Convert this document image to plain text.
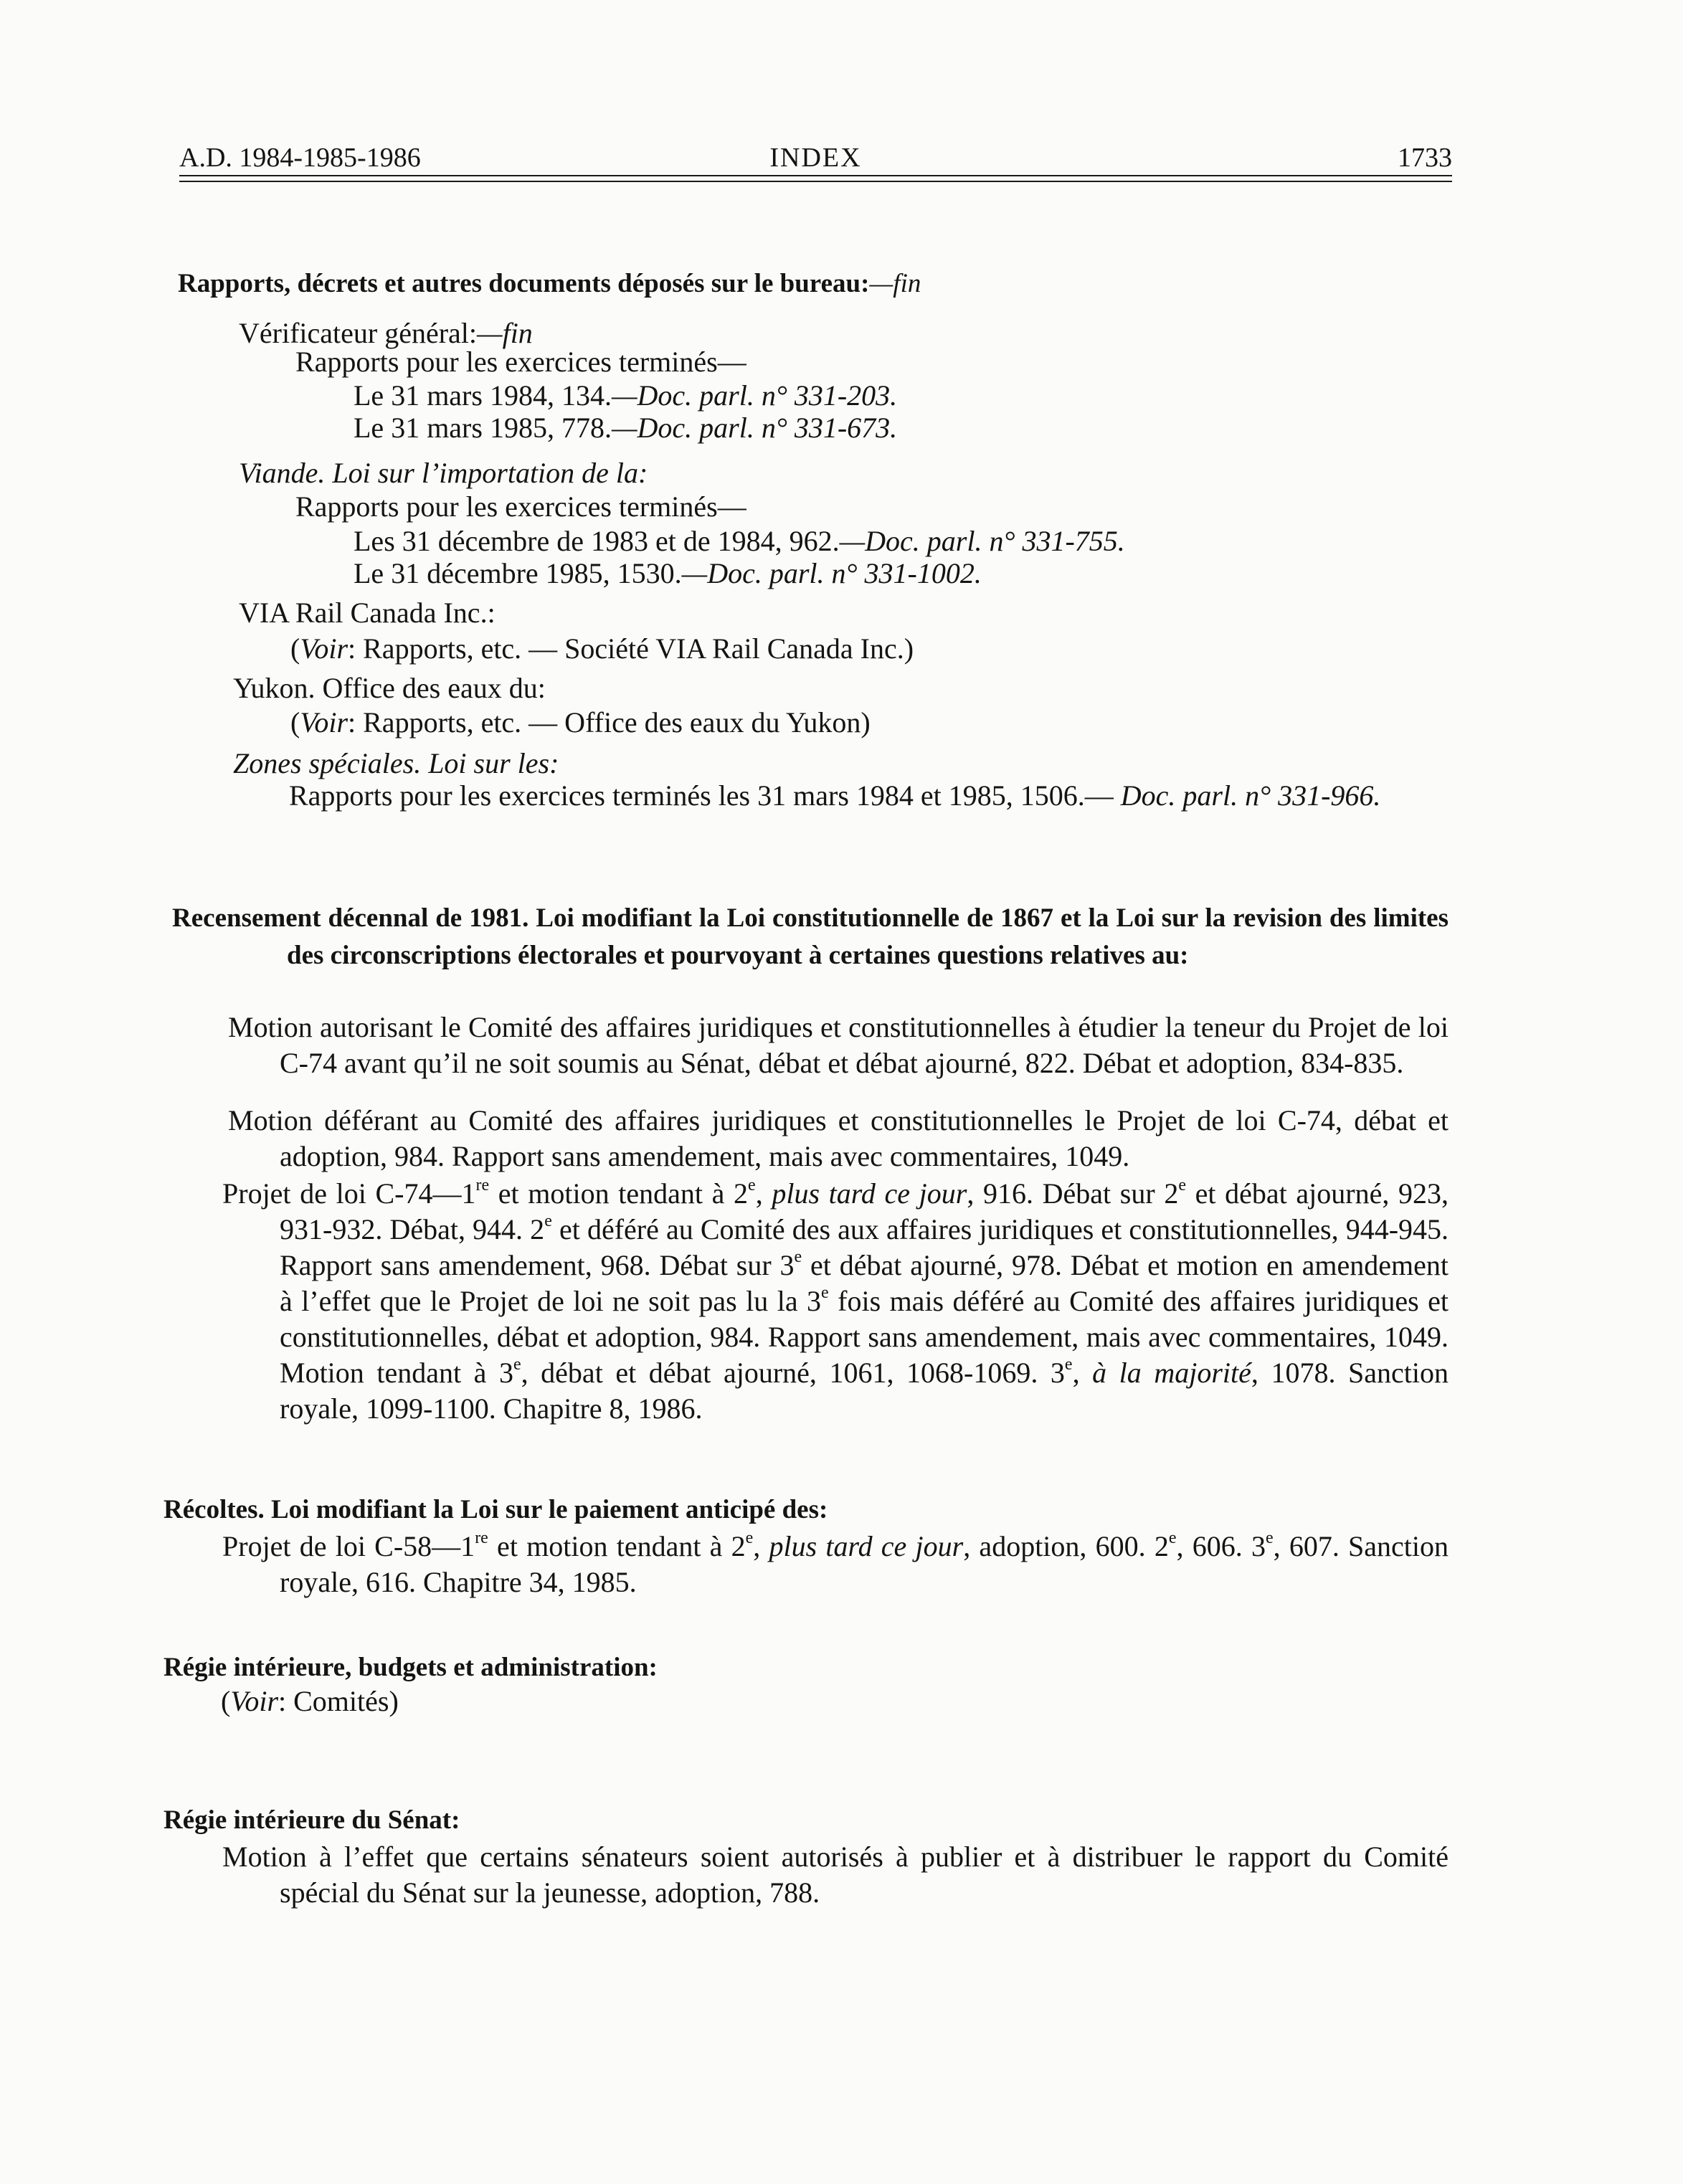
A.D. 1984-1985-1986	INDEX	1733
Rapports, décrets et autres documents déposés sur le bureau:—fin
Vérificateur général:—fin
Rapports pour les exercices terminés—
Le 31 mars 1984, 134.—Doc. parl. n° 331-203.
Le 31 mars 1985, 778.—Doc. parl. n° 331-673.
Viande. Loi sur l’importation de la:
Rapports pour les exercices terminés—
Les 31 décembre de 1983 et de 1984, 962.—Doc. parl. n° 331-755.
Le 31 décembre 1985, 1530.—Doc. parl. n° 331-1002.
VIA Rail Canada Inc.:
(Voir: Rapports, etc. — Société VIA Rail Canada Inc.)
Yukon. Office des eaux du:
(Voir: Rapports, etc. — Office des eaux du Yukon)
Zones spéciales. Loi sur les:
Rapports pour les exercices terminés les 31 mars 1984 et 1985, 1506.— Doc. parl. n° 331-966.
Recensement décennal de 1981. Loi modifiant la Loi constitutionnelle de 1867 et la Loi sur la revision des limites des circonscriptions électorales et pourvoyant à certaines questions relatives au:
Motion autorisant le Comité des affaires juridiques et constitutionnelles à étudier la teneur du Projet de loi C-74 avant qu’il ne soit soumis au Sénat, débat et débat ajourné, 822. Débat et adoption, 834-835.
Motion déférant au Comité des affaires juridiques et constitutionnelles le Projet de loi C-74, débat et adoption, 984. Rapport sans amendement, mais avec commentaires, 1049.
Projet de loi C-74—1re et motion tendant à 2e, plus tard ce jour, 916. Débat sur 2e et débat ajourné, 923, 931-932. Débat, 944. 2e et déféré au Comité des aux affaires juridiques et constitutionnelles, 944-945. Rapport sans amendement, 968. Débat sur 3e et débat ajourné, 978. Débat et motion en amendement à l’effet que le Projet de loi ne soit pas lu la 3e fois mais déféré au Comité des affaires juridiques et constitutionnelles, débat et adoption, 984. Rapport sans amendement, mais avec commentaires, 1049. Motion tendant à 3e, débat et débat ajourné, 1061, 1068-1069. 3e, à la majorité, 1078. Sanction royale, 1099-1100. Chapitre 8, 1986.
Récoltes. Loi modifiant la Loi sur le paiement anticipé des:
Projet de loi C-58—1re et motion tendant à 2e, plus tard ce jour, adoption, 600. 2e, 606. 3e, 607. Sanction royale, 616. Chapitre 34, 1985.
Régie intérieure, budgets et administration:
(Voir: Comités)
Régie intérieure du Sénat:
Motion à l’effet que certains sénateurs soient autorisés à publier et à distribuer le rapport du Comité spécial du Sénat sur la jeunesse, adoption, 788.
